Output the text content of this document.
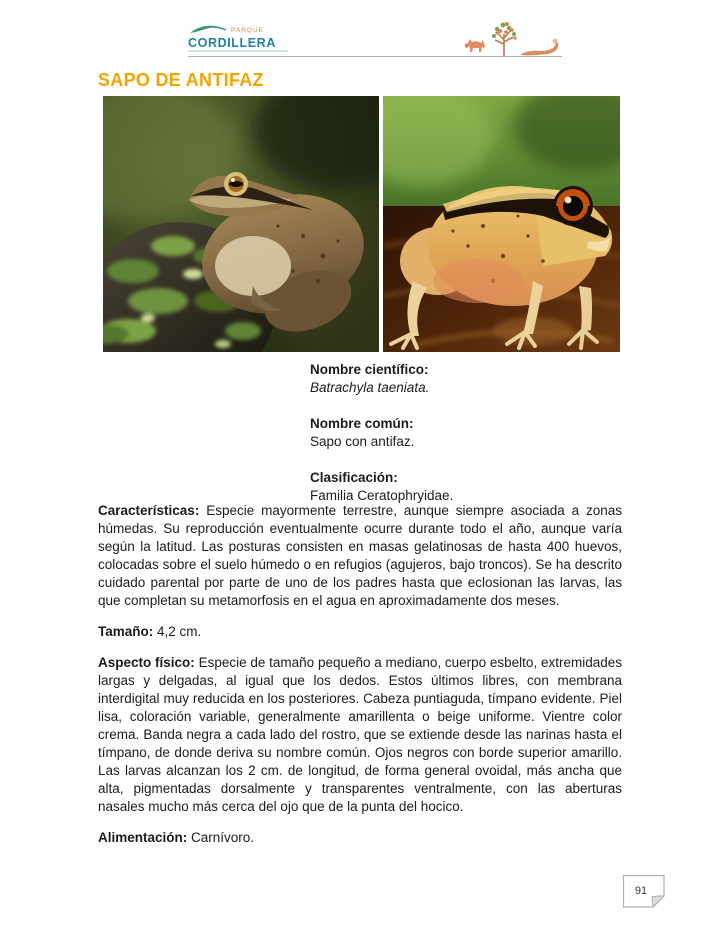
PARQUE
CORDILLERA
SAPO DE ANTIFAZ
Nombre científico:
Batrachyla taeniata.
Nombre común:
Sapo con antifaz.
Clasificación:
Familia Ceratophryidae.

Características: Especie mayormente terrestre, aunque siempre asociada a zonas húmedas. Su reproducción eventualmente ocurre durante todo el año, aunque varía según la latitud. Las posturas consisten en masas gelatinosas de hasta 400 huevos, colocadas sobre el suelo húmedo o en refugios (agujeros, bajo troncos). Se ha descrito cuidado parental por parte de uno de los padres hasta que eclosionan las larvas, las que completan su metamorfosis en el agua en aproximadamente dos meses.

Tamaño: 4,2 cm.

Aspecto físico: Especie de tamaño pequeño a mediano, cuerpo esbelto, extremidades largas y delgadas, al igual que los dedos. Estos últimos libres, con membrana interdigital muy reducida en los posteriores. Cabeza puntiaguda, tímpano evidente. Piel lisa, coloración variable, generalmente amarillenta o beige uniforme. Vientre color crema. Banda negra a cada lado del rostro, que se extiende desde las narinas hasta el tímpano, de donde deriva su nombre común. Ojos negros con borde superior amarillo. Las larvas alcanzan los 2 cm. de longitud, de forma general ovoidal, más ancha que alta, pigmentadas dorsalmente y transparentes ventralmente, con las aberturas nasales mucho más cerca del ojo que de la punta del hocico.

Alimentación: Carnívoro.

91
